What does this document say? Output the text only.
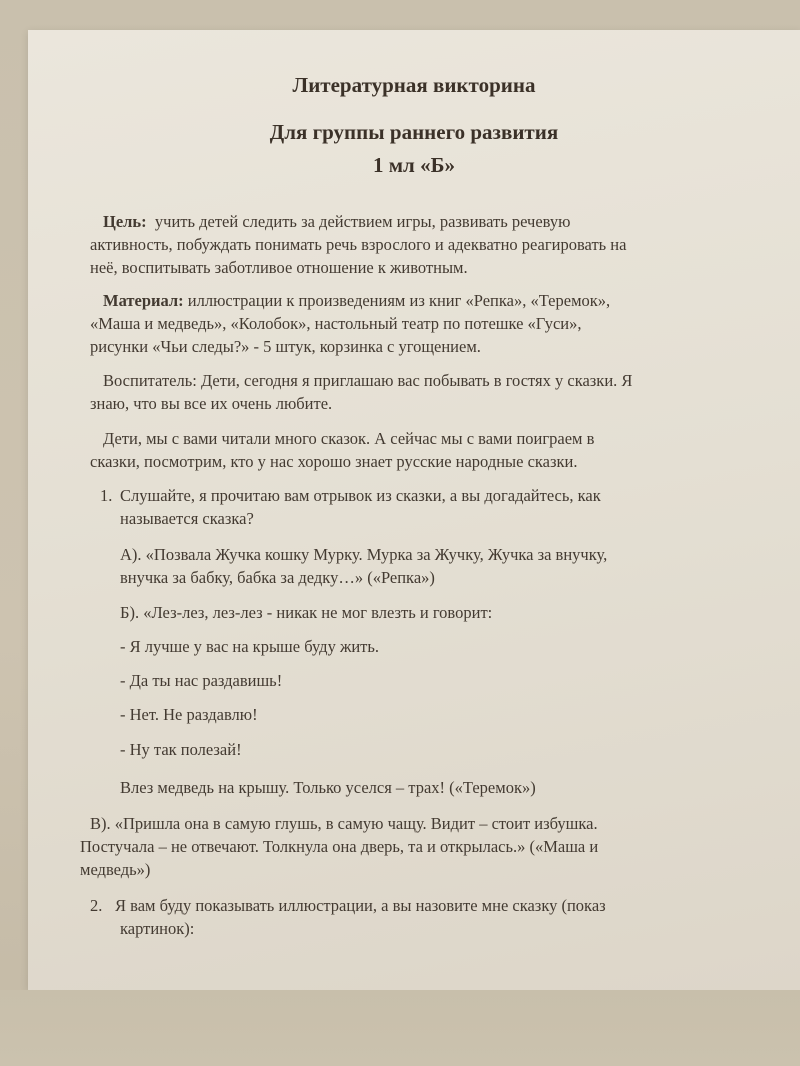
Литературная викторина
Для группы раннего развития
1 мл «Б»
Цель: учить детей следить за действием игры, развивать речевую
активность, побуждать понимать речь взрослого и адекватно реагировать на
неё, воспитывать заботливое отношение к животным.
Материал: иллюстрации к произведениям из книг «Репка», «Теремок»,
«Маша и медведь», «Колобок», настольный театр по потешке «Гуси»,
рисунки «Чьи следы?» - 5 штук, корзинка с угощением.
Воспитатель: Дети, сегодня я приглашаю вас побывать в гостях у сказки. Я
знаю, что вы все их очень любите.
Дети, мы с вами читали много сказок. А сейчас мы с вами поиграем в
сказки, посмотрим, кто у нас хорошо знает русские народные сказки.
1. Слушайте, я прочитаю вам отрывок из сказки, а вы догадайтесь, как
называется сказка?
А). «Позвала Жучка кошку Мурку. Мурка за Жучку, Жучка за внучку,
внучка за бабку, бабка за дедку…» («Репка»)
Б). «Лез-лез, лез-лез - никак не мог влезть и говорит:
- Я лучше у вас на крыше буду жить.
- Да ты нас раздавишь!
- Нет. Не раздавлю!
- Ну так полезай!
Влез медведь на крышу. Только уселся – трах! («Теремок»)
В). «Пришла она в самую глушь, в самую чащу. Видит – стоит избушка.
Постучала – не отвечают. Толкнула она дверь, та и открылась.» («Маша и
медведь»)
2. Я вам буду показывать иллюстрации, а вы назовите мне сказку (показ
картинок):
